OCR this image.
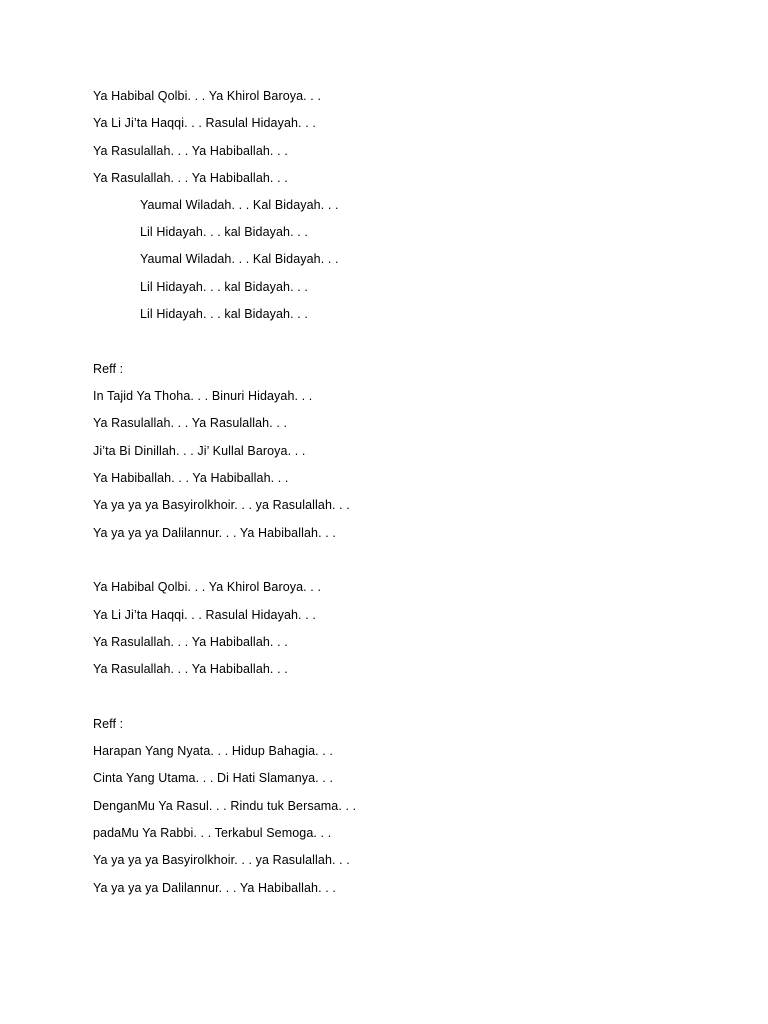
Ya Habibal Qolbi. . . Ya Khirol Baroya. . .
Ya Li Ji’ta Haqqi. . . Rasulal Hidayah. . .
Ya Rasulallah. . . Ya Habiballah. . .
Ya Rasulallah. . . Ya Habiballah. . .
Yaumal Wiladah. . . Kal Bidayah. . .
Lil Hidayah. . . kal Bidayah. . .
Yaumal Wiladah. . . Kal Bidayah. . .
Lil Hidayah. . . kal Bidayah. . .
Lil Hidayah. . . kal Bidayah. . .
Reff :
In Tajid Ya Thoha. . . Binuri Hidayah. . .
Ya Rasulallah. . . Ya Rasulallah. . .
Ji’ta Bi Dinillah. . . Ji’ Kullal Baroya. . .
Ya Habiballah. . . Ya Habiballah. . .
Ya ya ya ya Basyirolkhoir. . . ya Rasulallah. . .
Ya ya ya ya Dalilannur. . . Ya Habiballah. . .
Ya Habibal Qolbi. . . Ya Khirol Baroya. . .
Ya Li Ji’ta Haqqi. . . Rasulal Hidayah. . .
Ya Rasulallah. . . Ya Habiballah. . .
Ya Rasulallah. . . Ya Habiballah. . .
Reff :
Harapan Yang Nyata. . . Hidup Bahagia. . .
Cinta Yang Utama. . . Di Hati Slamanya. . .
DenganMu Ya Rasul. . . Rindu tuk Bersama. . .
padaMu Ya Rabbi. . . Terkabul Semoga. . .
Ya ya ya ya Basyirolkhoir. . . ya Rasulallah. . .
Ya ya ya ya Dalilannur. . . Ya Habiballah. . .
